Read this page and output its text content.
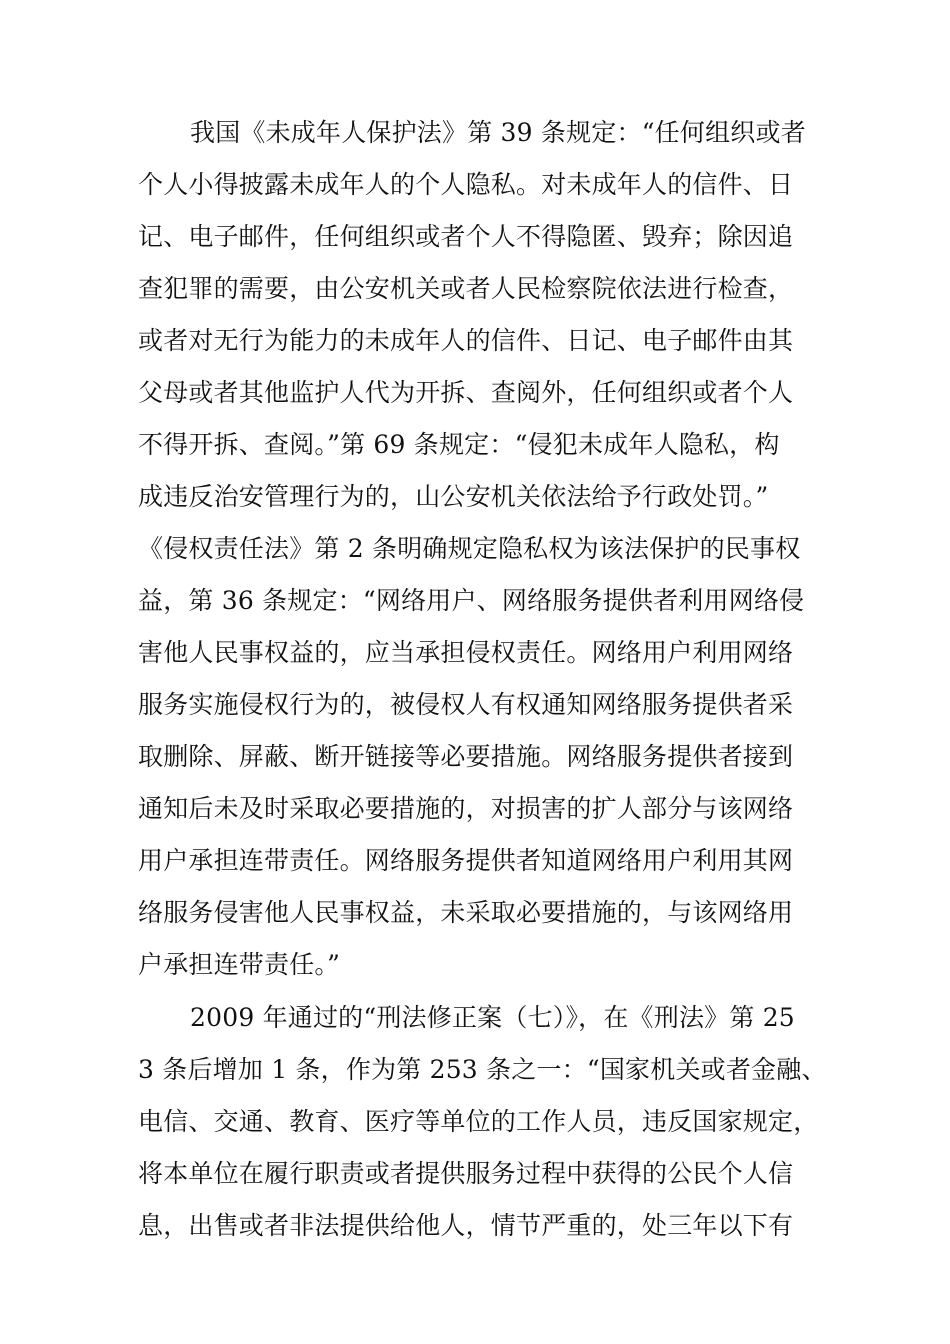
我国《未成年人保护法》第 39 条规定：“任何组织或者
个人小得披露未成年人的个人隐私。对未成年人的信件、日
记、电子邮件，任何组织或者个人不得隐匿、毁弃；除因追
查犯罪的需要，由公安机关或者人民检察院依法进行检查，
或者对无行为能力的未成年人的信件、日记、电子邮件由其
父母或者其他监护人代为开拆、查阅外，任何组织或者个人
不得开拆、查阅。”第 69 条规定：“侵犯未成年人隐私，构
成违反治安管理行为的，山公安机关依法给予行政处罚。”
《侵权责任法》第 2 条明确规定隐私权为该法保护的民事权
益，第 36 条规定：“网络用户、网络服务提供者利用网络侵
害他人民事权益的，应当承担侵权责任。网络用户利用网络
服务实施侵权行为的，被侵权人有权通知网络服务提供者采
取删除、屏蔽、断开链接等必要措施。网络服务提供者接到
通知后未及时采取必要措施的，对损害的扩人部分与该网络
用户承担连带责任。网络服务提供者知道网络用户利用其网
络服务侵害他人民事权益，未采取必要措施的，与该网络用
户承担连带责任。”
2009 年通过的“刑法修正案（七）》，在《刑法》第 25
3 条后增加 1 条，作为第 253 条之一：“国家机关或者金融、
电信、交通、教育、医疗等单位的工作人员，违反国家规定，
将本单位在履行职责或者提供服务过程中获得的公民个人信
息，出售或者非法提供给他人，情节严重的，处三年以下有
